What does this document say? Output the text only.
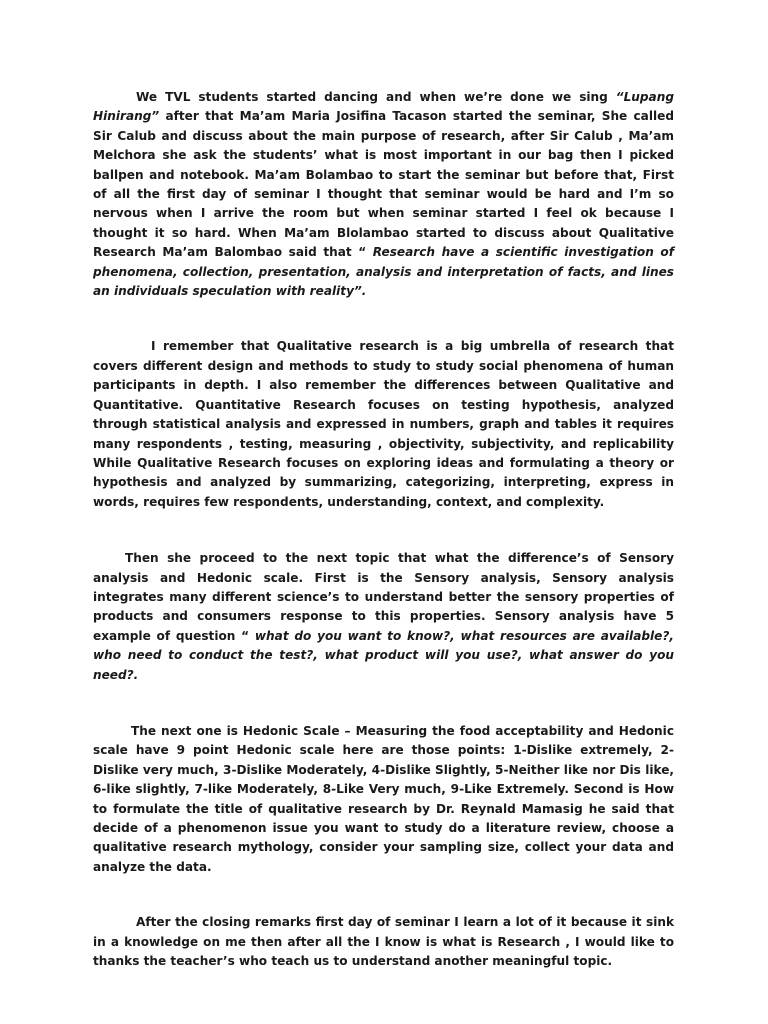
We TVL students started dancing and when we’re done we sing “Lupang Hinirang” after that Ma’am Maria Josifina Tacason started the seminar, She called Sir Calub and discuss about the main purpose of research, after Sir Calub , Ma’am Melchora she ask the students’ what is most important in our bag then I picked ballpen and notebook. Ma’am Bolambao to start the seminar but before that, First of all the first day of seminar I thought that seminar would be hard and I’m so nervous when I arrive the room but when seminar started I feel ok because I thought it so hard. When Ma’am Blolambao started to discuss about Qualitative Research Ma’am Balombao said that “ Research have a scientific investigation of phenomena, collection, presentation, analysis and interpretation of facts, and lines an individuals speculation with reality”.

I remember that Qualitative research is a big umbrella of research that covers different design and methods to study to study social phenomena of human participants in depth. I also remember the differences between Qualitative and Quantitative. Quantitative Research focuses on testing hypothesis, analyzed through statistical analysis and expressed in numbers, graph and tables it requires many respondents , testing, measuring , objectivity, subjectivity, and replicability While Qualitative Research focuses on exploring ideas and formulating a theory or hypothesis and analyzed by summarizing, categorizing, interpreting, express in words, requires few respondents, understanding, context, and complexity.

Then she proceed to the next topic that what the difference’s of Sensory analysis and Hedonic scale. First is the Sensory analysis, Sensory analysis integrates many different science’s to understand better the sensory properties of products and consumers response to this properties. Sensory analysis have 5 example of question “ what do you want to know?, what resources are available?, who need to conduct the test?, what product will you use?, what answer do you need?.

The next one is Hedonic Scale – Measuring the food acceptability and Hedonic scale have 9 point Hedonic scale here are those points: 1-Dislike extremely, 2-Dislike very much, 3-Dislike Moderately, 4-Dislike Slightly, 5-Neither like nor Dis like, 6-like slightly, 7-like Moderately, 8-Like Very much, 9-Like Extremely. Second is How to formulate the title of qualitative research by Dr. Reynald Mamasig he said that decide of a phenomenon issue you want to study do a literature review, choose a qualitative research mythology, consider your sampling size, collect your data and analyze the data.

After the closing remarks first day of seminar I learn a lot of it because it sink in a knowledge on me then after all the I know is what is Research , I would like to thanks the teacher’s who teach us to understand another meaningful topic.
